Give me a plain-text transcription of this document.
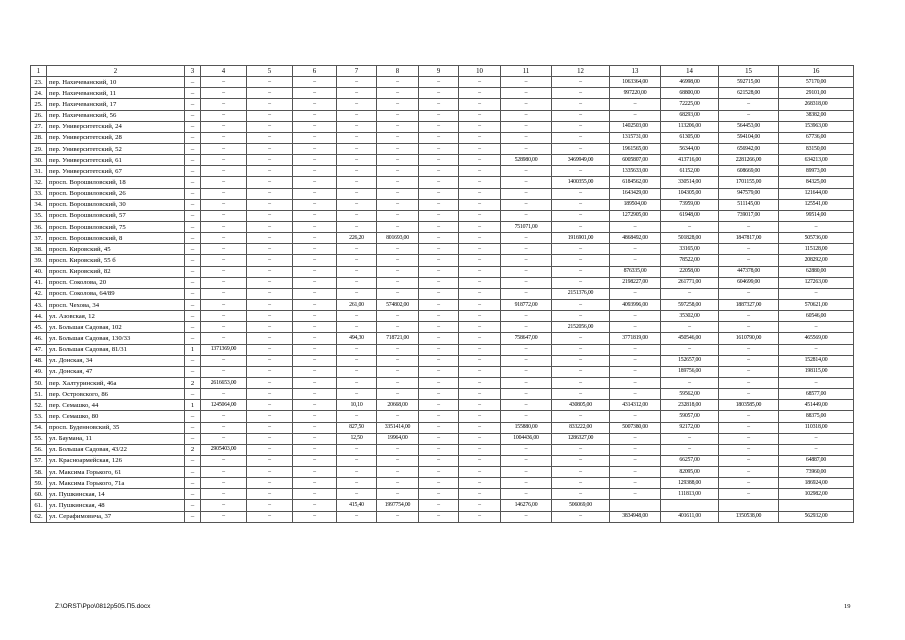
1	2	3	4	5	6	7	8	9	10	11	12	13	14	15	16
23.	пер. Нахичеванский, 10	–	–	–	–	–	–	–	–	–	–	1063364,00	46998,00	592715,00	57170,00
24.	пер. Нахичеванский, 11	–	–	–	–	–	–	–	–	–	–	997220,00	68800,00	621528,00	29101,00
25.	пер. Нахичеванский, 17	–	–	–	–	–	–	–	–	–	–	–	72225,00	–	268318,00
26.	пер. Нахичеванский, 56	–	–	–	–	–	–	–	–	–	–	–	68293,00	–	38382,00
27.	пер. Университетский, 24	–	–	–	–	–	–	–	–	–	–	1402503,00	113206,00	564453,00	153963,00
28.	пер. Университетский, 28	–	–	–	–	–	–	–	–	–	–	1315731,00	61305,00	594104,00	67736,00
29.	пер. Университетский, 52	–	–	–	–	–	–	–	–	–	–	1961565,00	56344,00	656942,00	83150,00
30.	пер. Университетский, 61	–	–	–	–	–	–	–	–	528980,00	3469949,00	6005807,00	413716,00	2281266,00	634213,00
31.	пер. Университетский, 67	–	–	–	–	–	–	–	–	–	–	1335633,00	61152,00	608669,00	89973,00
32.	просп. Ворошиловский, 18	–	–	–	–	–	–	–	–	–	1400355,00	6184562,00	330514,00	1701155,00	84325,00
33.	просп. Ворошиловский, 26	–	–	–	–	–	–	–	–	–	–	1643429,00	104305,00	947579,00	121644,00
34.	просп. Ворошиловский, 30	–	–	–	–	–	–	–	–	–	–	189504,00	73959,00	511145,00	125541,00
35.	просп. Ворошиловский, 57	–	–	–	–	–	–	–	–	–	–	1272905,00	61948,00	739017,00	99514,00
36.	просп. Ворошиловский, 75	–	–	–	–	–	–	–	–	751071,00	–	–	–	–	–
37.	просп. Ворошиловский, 8	–	–	–	–	226,20	801693,00	–	–	–	1916901,00	4868492,00	501828,00	1847817,00	505736,00
38.	просп. Кировский, 45	–	–	–	–	–	–	–	–	–	–	–	33165,00	–	115128,00
39.	просп. Кировский, 55 б	–	–	–	–	–	–	–	–	–	–	–	78522,00	–	208292,00
40.	просп. Кировский, 82	–	–	–	–	–	–	–	–	–	–	876335,00	22058,00	447378,00	62880,00
41.	просп. Соколова, 20	–	–	–	–	–	–	–	–	–	–	2198227,00	261771,00	604699,00	127263,00
42.	просп. Соколова, 64/89	–	–	–	–	–	–	–	–	–	2151376,00	–	–	–	–
43.	просп. Чехова, 34	–	–	–	–	261,00	574802,00	–	–	918772,00	–	4093996,00	597258,00	1887327,00	570621,00
44.	ул. Азовская, 12	–	–	–	–	–	–	–	–	–	–	–	35302,00	–	60546,00
45.	ул. Большая Садовая, 102	–	–	–	–	–	–	–	–	–	2152056,00	–	–	–	–
46.	ул. Большая Садовая, 130/33	–	–	–	–	494,30	718721,00	–	–	758647,00	–	3771819,00	450546,00	1610790,00	465569,00
47.	ул. Большая Садовая, 81/31	1	1371369,00	–	–	–	–	–	–	–	–	–	–	–	–
48.	ул. Донская, 34	–	–	–	–	–	–	–	–	–	–	–	152657,00	–	152814,00
49.	ул. Донская, 47	–	–	–	–	–	–	–	–	–	–	–	189756,00	–	198115,00
50.	пер. Халтуринский, 46а	2	2616653,00	–	–	–	–	–	–	–	–	–	–	–	–
51.	пер. Островского, 86	–	–	–	–	–	–	–	–	–	–	–	59562,00	–	68577,00
52.	пер. Семашко, 44	1	1245064,00	–	–	10,10	20668,00	–	–	–	430805,00	4314312,00	232818,00	1803585,00	451449,00
53.	пер. Семашко, 80	–	–	–	–	–	–	–	–	–	–	–	59057,00	–	88375,00
54.	просп. Буденновский, 35	–	–	–	–	827,50	3351414,00	–	–	155880,00	833222,00	5007380,00	92172,00	–	110318,00
55.	ул. Баумана, 11	–	–	–	–	12,50	19964,00	–	–	1004436,00	1286327,00	–	–	–	–
56.	ул. Большая Садовая, 43/22	2	2905403,00	–	–	–	–	–	–	–	–	–	–	–	–
57.	ул. Красноармейская, 126	–	–	–	–	–	–	–	–	–	–	–	66257,00	–	64887,00
58.	ул. Максима Горького, 61	–	–	–	–	–	–	–	–	–	–	–	82095,00	–	73960,00
59.	ул. Максима Горького, 71а	–	–	–	–	–	–	–	–	–	–	–	129388,00	–	186924,00
60.	ул. Пушкинская, 14	–	–	–	–	–	–	–	–	–	–	–	111813,00	–	102982,00
61.	ул. Пушкинская, 48	–	–	–	–	415,40	1997754,00	–	–	146276,00	506069,00				
62.	ул. Серафимовича, 37	–	–	–	–	–	–	–	–	–	–	3834948,00	401611,00	1350538,00	562932,00
Z:\ORST\Ppo\0812p505.П5.docx	19
